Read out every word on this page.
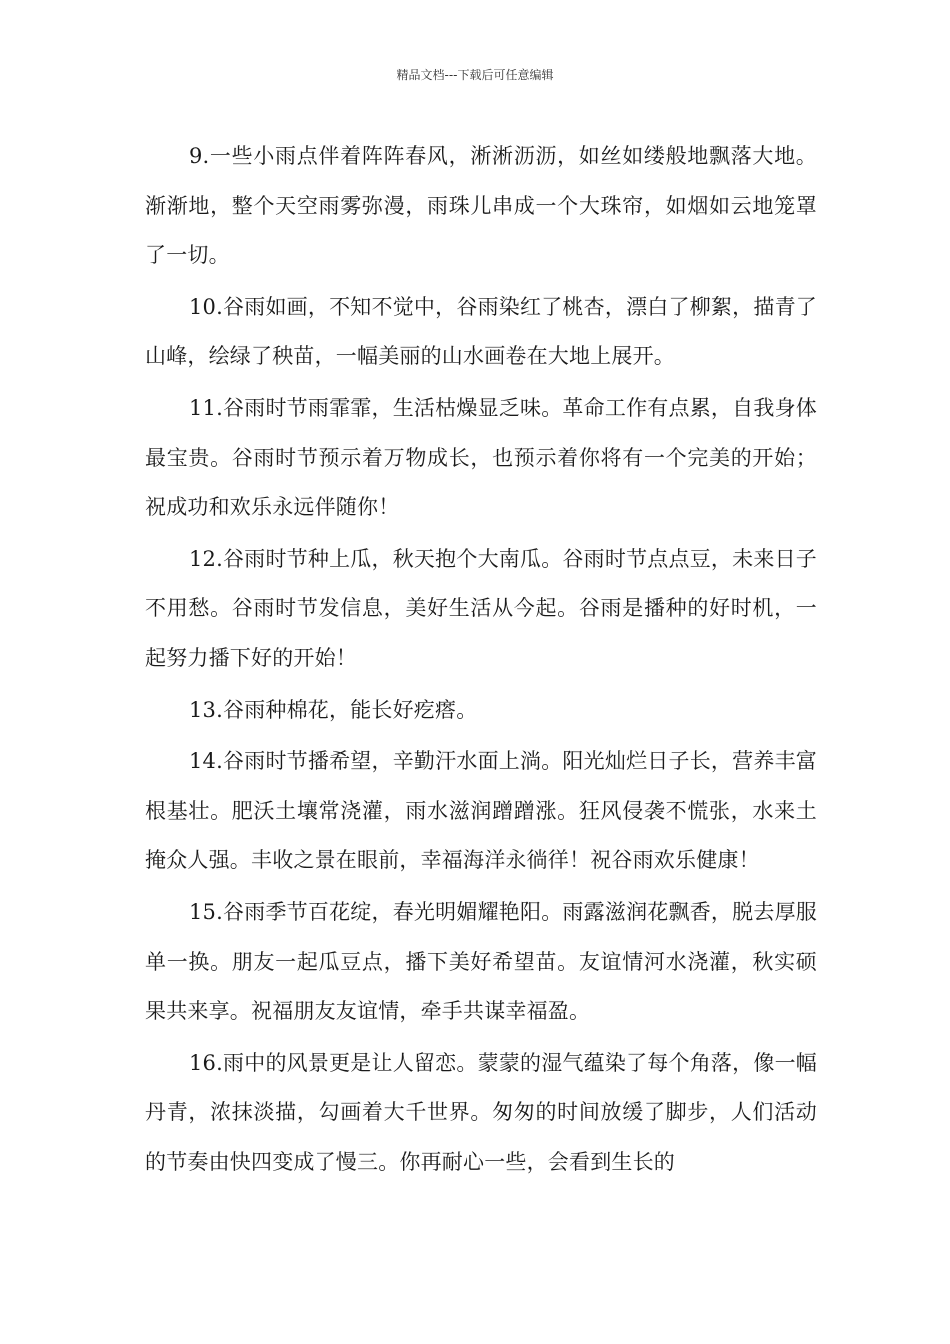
精品文档---下载后可任意编辑

9.一些小雨点伴着阵阵春风，淅淅沥沥，如丝如缕般地飘落大地。渐渐地，整个天空雨雾弥漫，雨珠儿串成一个大珠帘，如烟如云地笼罩了一切。

10.谷雨如画，不知不觉中，谷雨染红了桃杏，漂白了柳絮，描青了山峰，绘绿了秧苗，一幅美丽的山水画卷在大地上展开。

11.谷雨时节雨霏霏，生活枯燥显乏味。革命工作有点累，自我身体最宝贵。谷雨时节预示着万物成长，也预示着你将有一个完美的开始；祝成功和欢乐永远伴随你！

12.谷雨时节种上瓜，秋天抱个大南瓜。谷雨时节点点豆，未来日子不用愁。谷雨时节发信息，美好生活从今起。谷雨是播种的好时机，一起努力播下好的开始！

13.谷雨种棉花，能长好疙瘩。

14.谷雨时节播希望，辛勤汗水面上淌。阳光灿烂日子长，营养丰富根基壮。肥沃土壤常浇灌，雨水滋润蹭蹭涨。狂风侵袭不慌张，水来土掩众人强。丰收之景在眼前，幸福海洋永徜徉！祝谷雨欢乐健康！

15.谷雨季节百花绽，春光明媚耀艳阳。雨露滋润花飘香，脱去厚服单一换。朋友一起瓜豆点，播下美好希望苗。友谊情河水浇灌，秋实硕果共来享。祝福朋友友谊情，牵手共谋幸福盈。

16.雨中的风景更是让人留恋。蒙蒙的湿气蕴染了每个角落，像一幅丹青，浓抹淡描，勾画着大千世界。匆匆的时间放缓了脚步，人们活动的节奏由快四变成了慢三。你再耐心一些，会看到生长的
